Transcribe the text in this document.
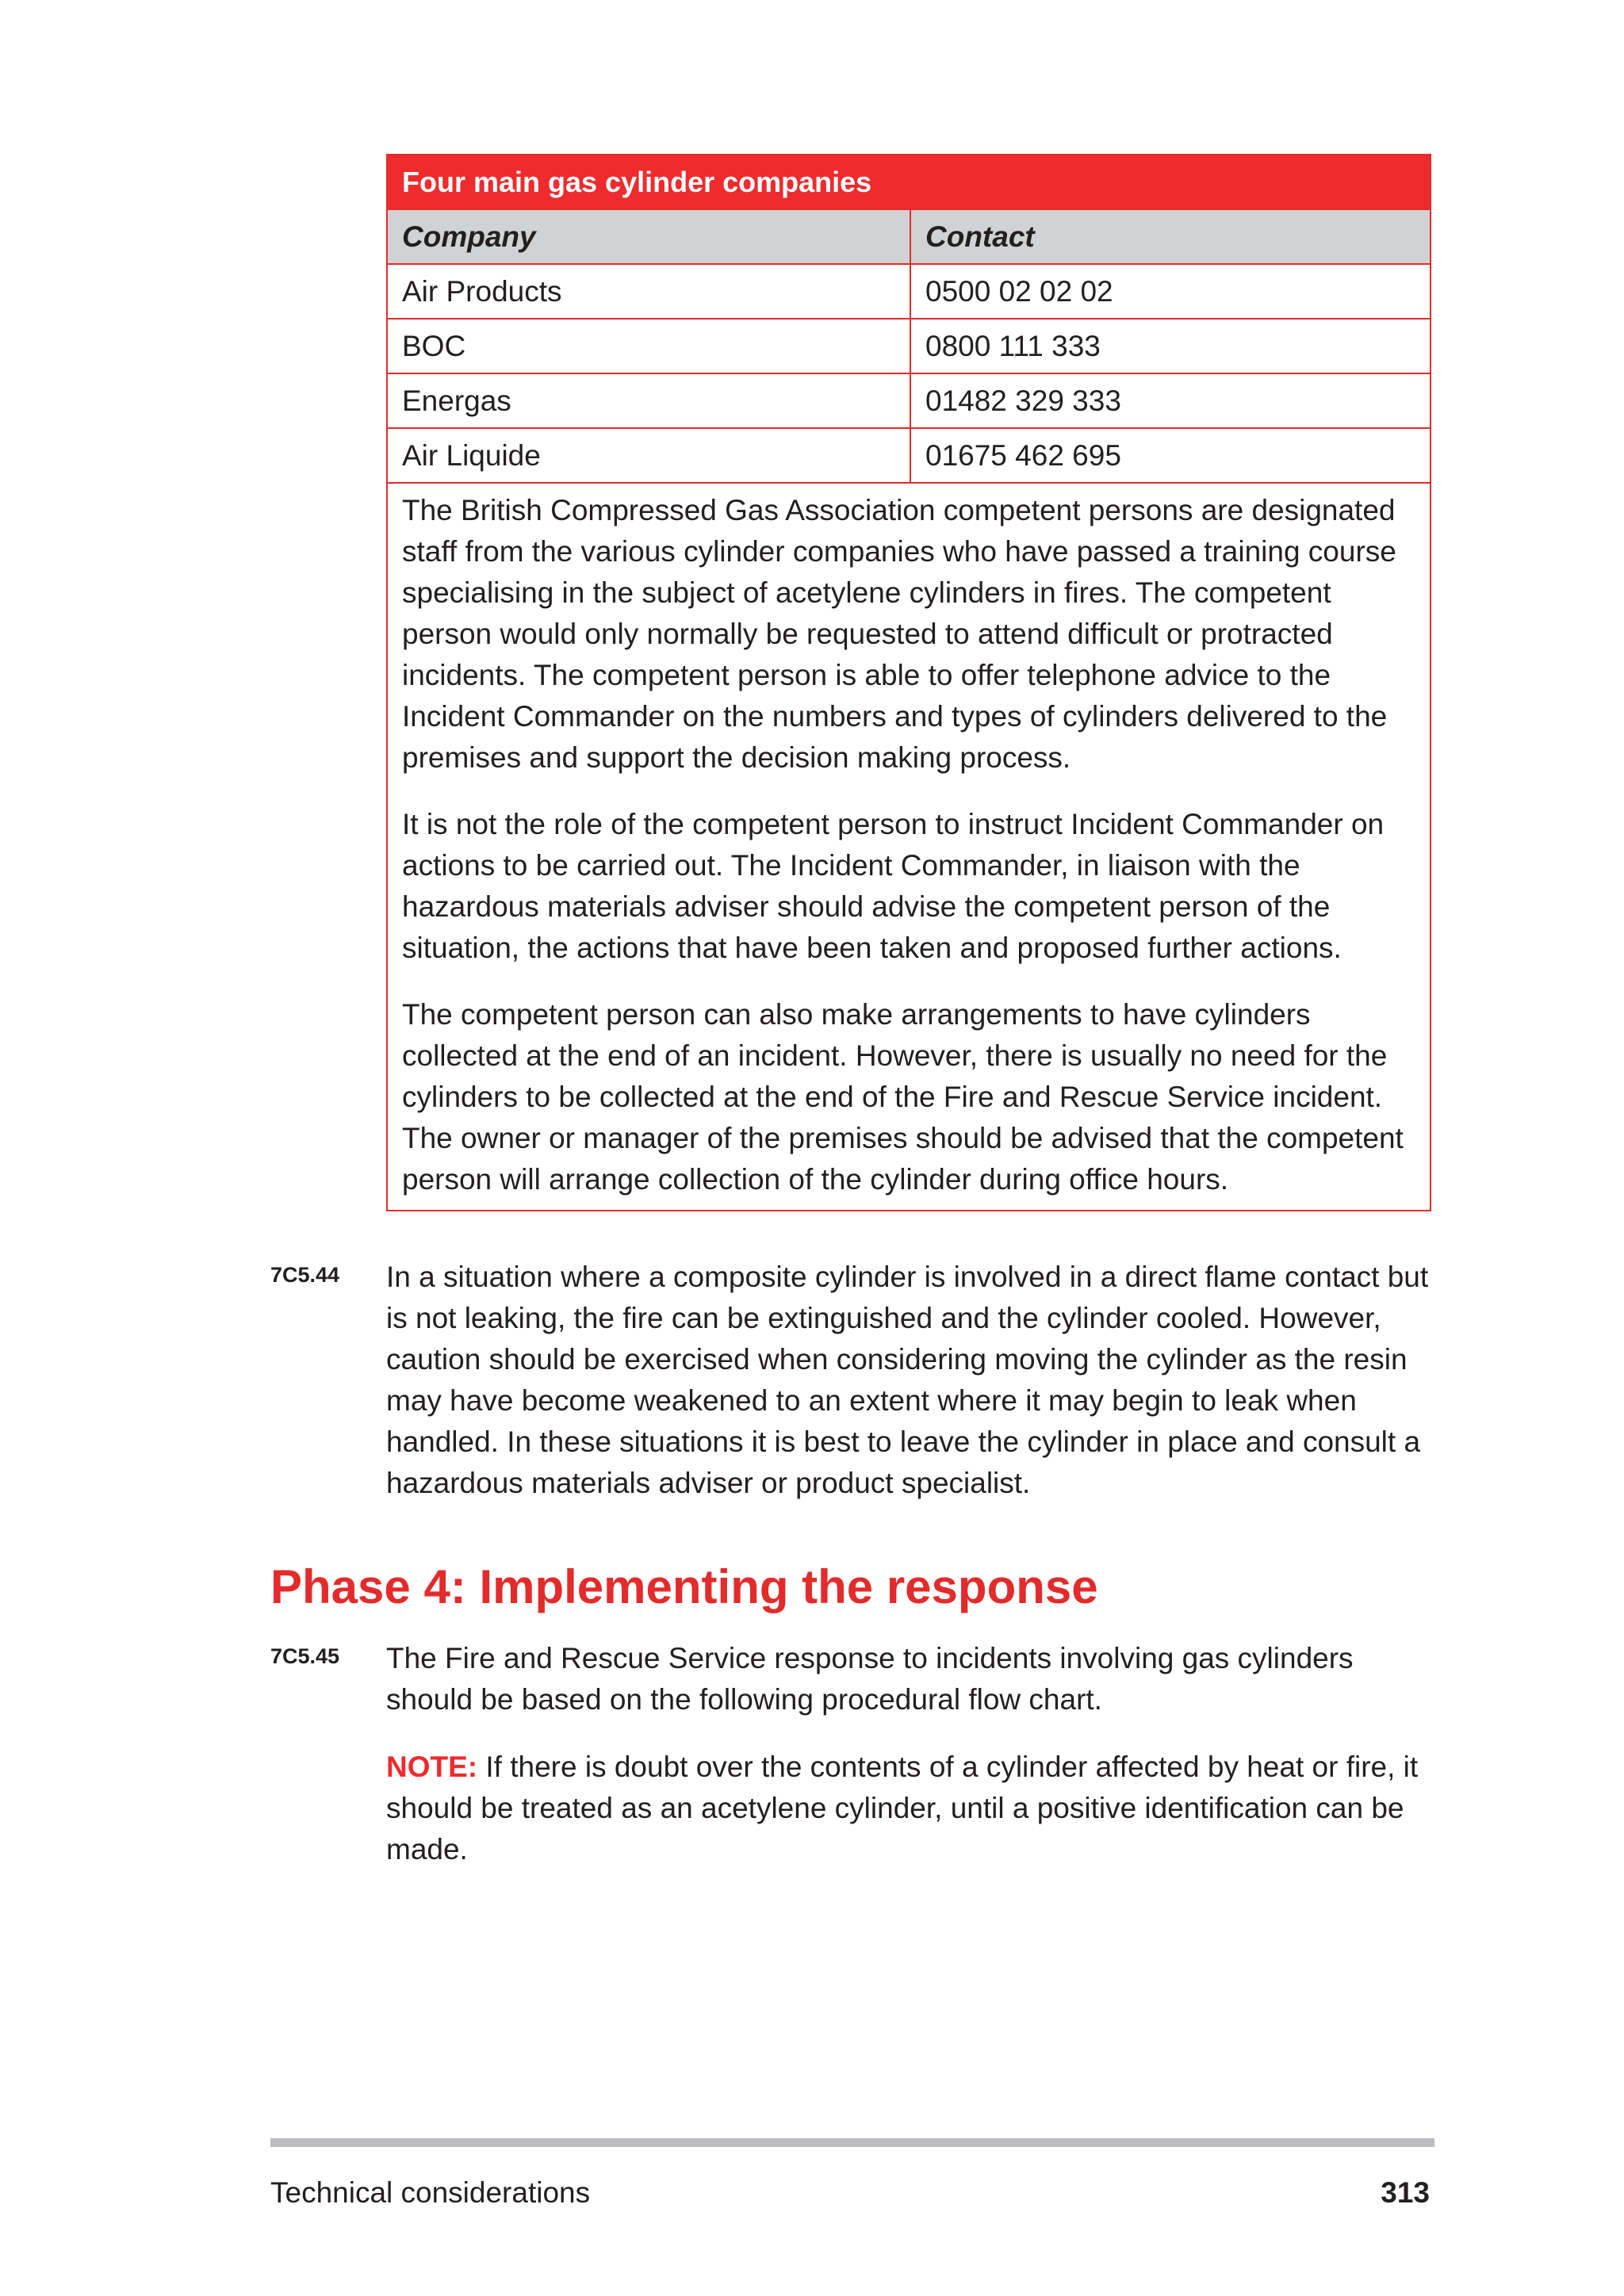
Four main gas cylinder companies
Company	Contact
Air Products	0500 02 02 02
BOC	0800 111 333
Energas	01482 329 333
Air Liquide	01675 462 695

The British Compressed Gas Association competent persons are designated staff from the various cylinder companies who have passed a training course specialising in the subject of acetylene cylinders in fires. The competent person would only normally be requested to attend difficult or protracted incidents. The competent person is able to offer telephone advice to the Incident Commander on the numbers and types of cylinders delivered to the premises and support the decision making process.

It is not the role of the competent person to instruct Incident Commander on actions to be carried out. The Incident Commander, in liaison with the hazardous materials adviser should advise the competent person of the situation, the actions that have been taken and proposed further actions.

The competent person can also make arrangements to have cylinders collected at the end of an incident. However, there is usually no need for the cylinders to be collected at the end of the Fire and Rescue Service incident. The owner or manager of the premises should be advised that the competent person will arrange collection of the cylinder during office hours.

7C5.44 In a situation where a composite cylinder is involved in a direct flame contact but is not leaking, the fire can be extinguished and the cylinder cooled. However, caution should be exercised when considering moving the cylinder as the resin may have become weakened to an extent where it may begin to leak when handled. In these situations it is best to leave the cylinder in place and consult a hazardous materials adviser or product specialist.

Phase 4: Implementing the response
7C5.45 The Fire and Rescue Service response to incidents involving gas cylinders should be based on the following procedural flow chart.

NOTE: If there is doubt over the contents of a cylinder affected by heat or fire, it should be treated as an acetylene cylinder, until a positive identification can be made.

Technical considerations	313
